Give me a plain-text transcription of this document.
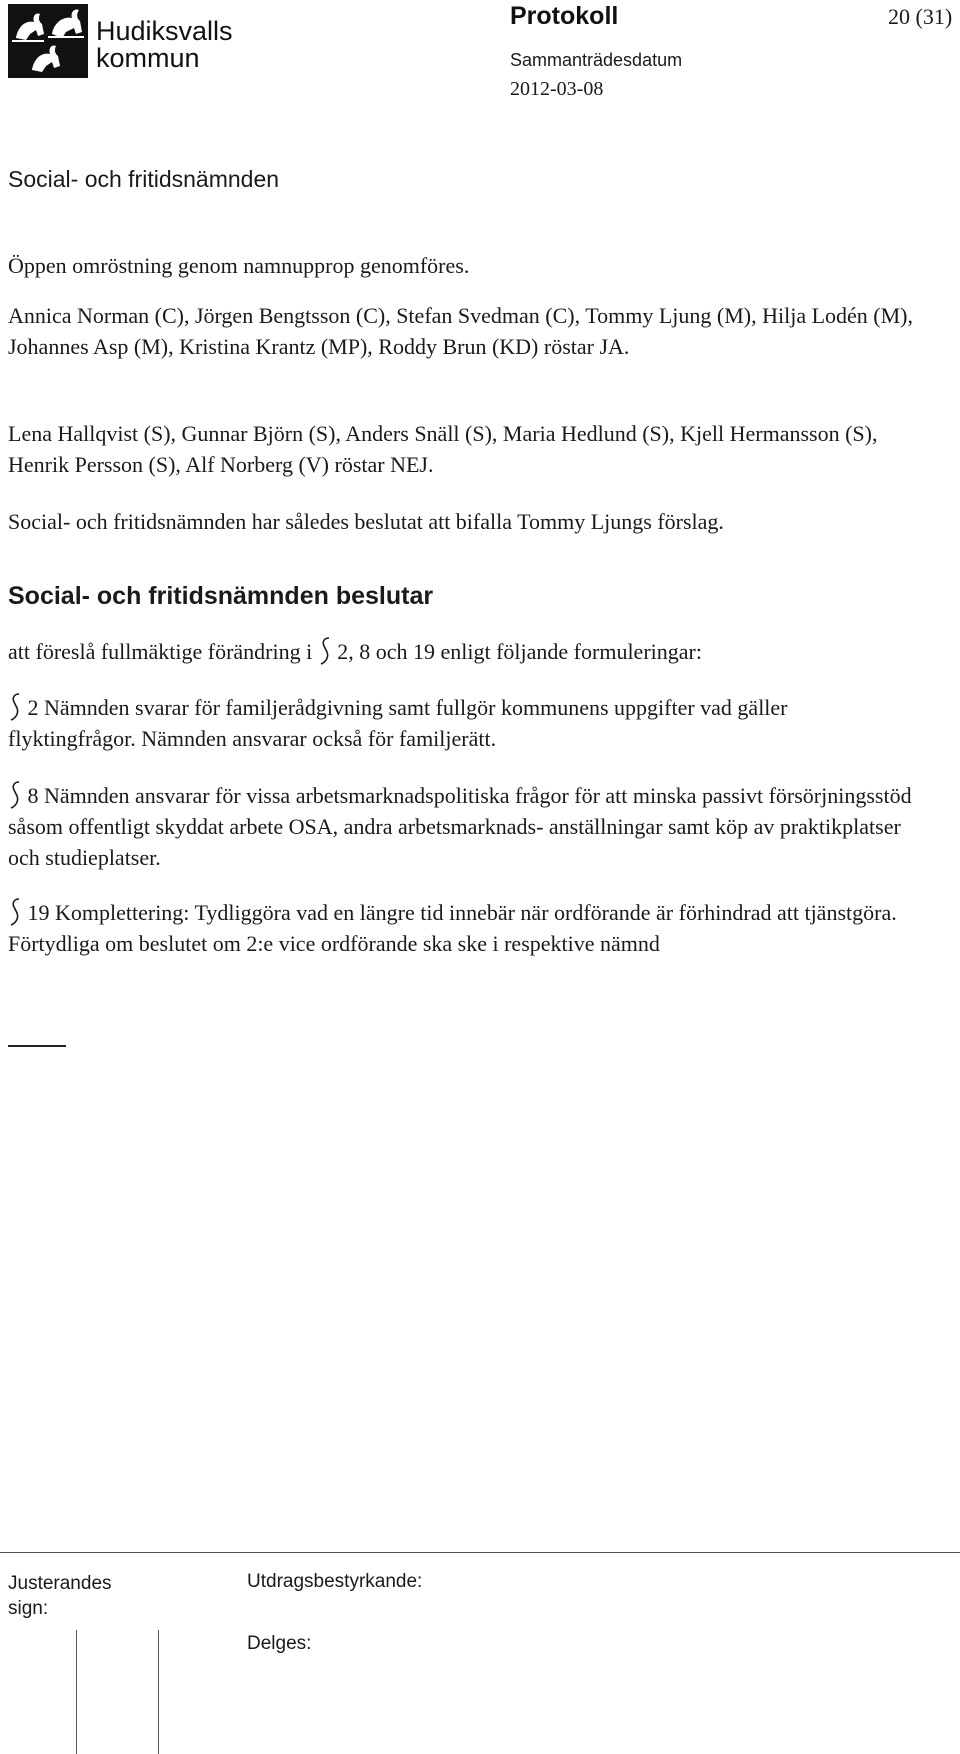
Hudiksvalls
kommun
Protokoll	20 (31)
Sammanträdesdatum
2012-03-08
Social- och fritidsnämnden

Öppen omröstning genom namnupprop genomföres.

Annica Norman (C), Jörgen Bengtsson (C), Stefan Svedman (C), Tommy Ljung (M), Hilja Lodén (M), Johannes Asp (M), Kristina Krantz (MP), Roddy Brun (KD) röstar JA.

Lena Hallqvist (S), Gunnar Björn (S), Anders Snäll (S), Maria Hedlund (S), Kjell Hermansson (S), Henrik Persson (S), Alf Norberg (V) röstar NEJ.

Social- och fritidsnämnden har således beslutat att bifalla Tommy Ljungs förslag.

Social- och fritidsnämnden beslutar

att föreslå fullmäktige förändring i 2, 8 och 19 enligt följande formuleringar:

2 Nämnden svarar för familjerådgivning samt fullgör kommunens uppgifter vad gäller flyktingfrågor. Nämnden ansvarar också för familjerätt.

8 Nämnden ansvarar för vissa arbetsmarknadspolitiska frågor för att minska passivt försörjningsstöd såsom offentligt skyddat arbete OSA, andra arbetsmarknads- anställningar samt köp av praktikplatser och studieplatser.

19 Komplettering: Tydliggöra vad en längre tid innebär när ordförande är förhindrad att tjänstgöra. Förtydliga om beslutet om 2:e vice ordförande ska ske i respektive nämnd

Justerandes sign:
Utdragsbestyrkande:
Delges:
